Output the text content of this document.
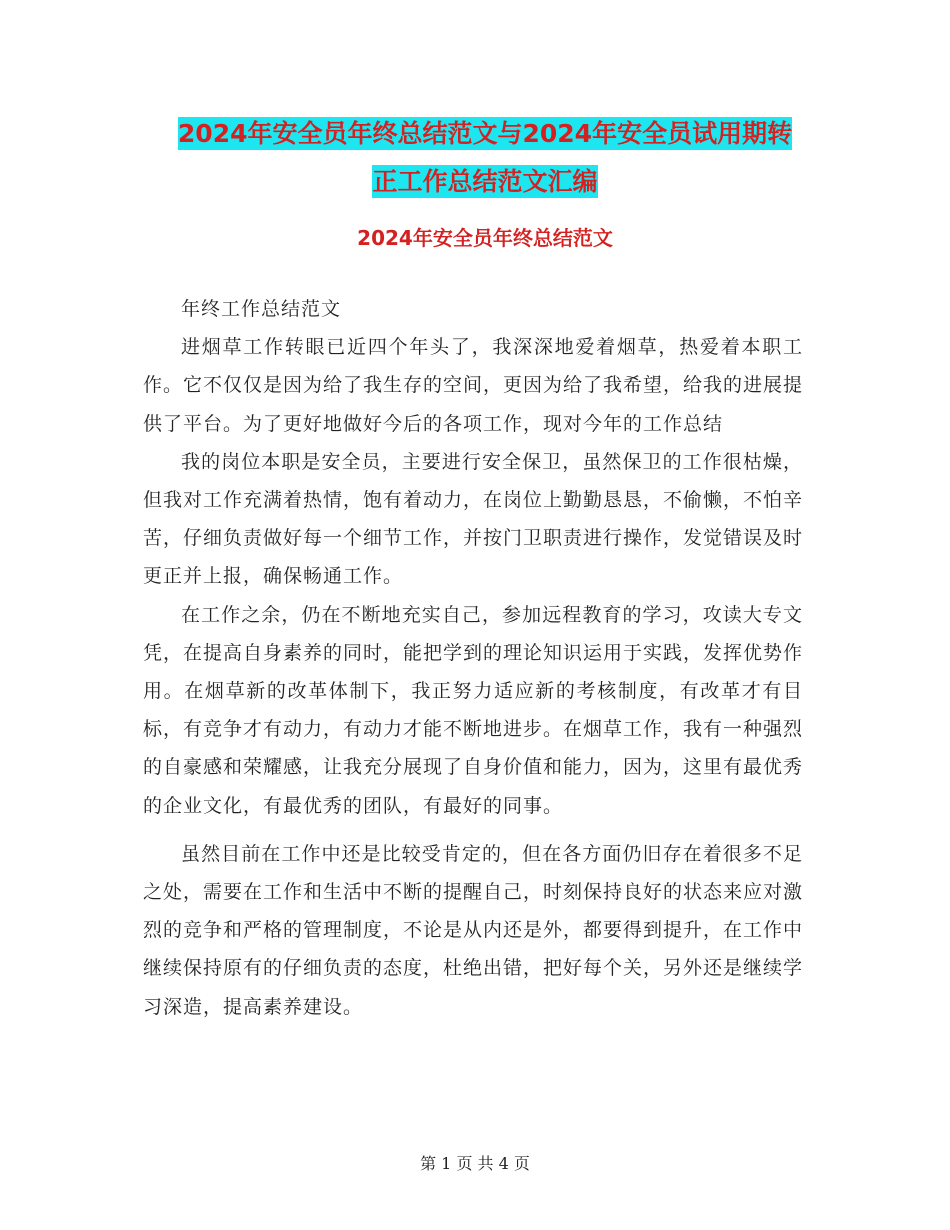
2024年安全员年终总结范文与2024年安全员试用期转
正工作总结范文汇编
2024年安全员年终总结范文

年终工作总结范文

进烟草工作转眼已近四个年头了，我深深地爱着烟草，热爱着本职工作。它不仅仅是因为给了我生存的空间，更因为给了我希望，给我的进展提供了平台。为了更好地做好今后的各项工作，现对今年的工作总结

我的岗位本职是安全员，主要进行安全保卫，虽然保卫的工作很枯燥，但我对工作充满着热情，饱有着动力，在岗位上勤勤恳恳，不偷懒，不怕辛苦，仔细负责做好每一个细节工作，并按门卫职责进行操作，发觉错误及时更正并上报，确保畅通工作。

在工作之余，仍在不断地充实自己，参加远程教育的学习，攻读大专文凭，在提高自身素养的同时，能把学到的理论知识运用于实践，发挥优势作用。在烟草新的改革体制下，我正努力适应新的考核制度，有改革才有目标，有竞争才有动力，有动力才能不断地进步。在烟草工作，我有一种强烈的自豪感和荣耀感，让我充分展现了自身价值和能力，因为，这里有最优秀的企业文化，有最优秀的团队，有最好的同事。

虽然目前在工作中还是比较受肯定的，但在各方面仍旧存在着很多不足之处，需要在工作和生活中不断的提醒自己，时刻保持良好的状态来应对激烈的竞争和严格的管理制度，不论是从内还是外，都要得到提升，在工作中继续保持原有的仔细负责的态度，杜绝出错，把好每个关，另外还是继续学习深造，提高素养建设。

第 1 页 共 4 页
